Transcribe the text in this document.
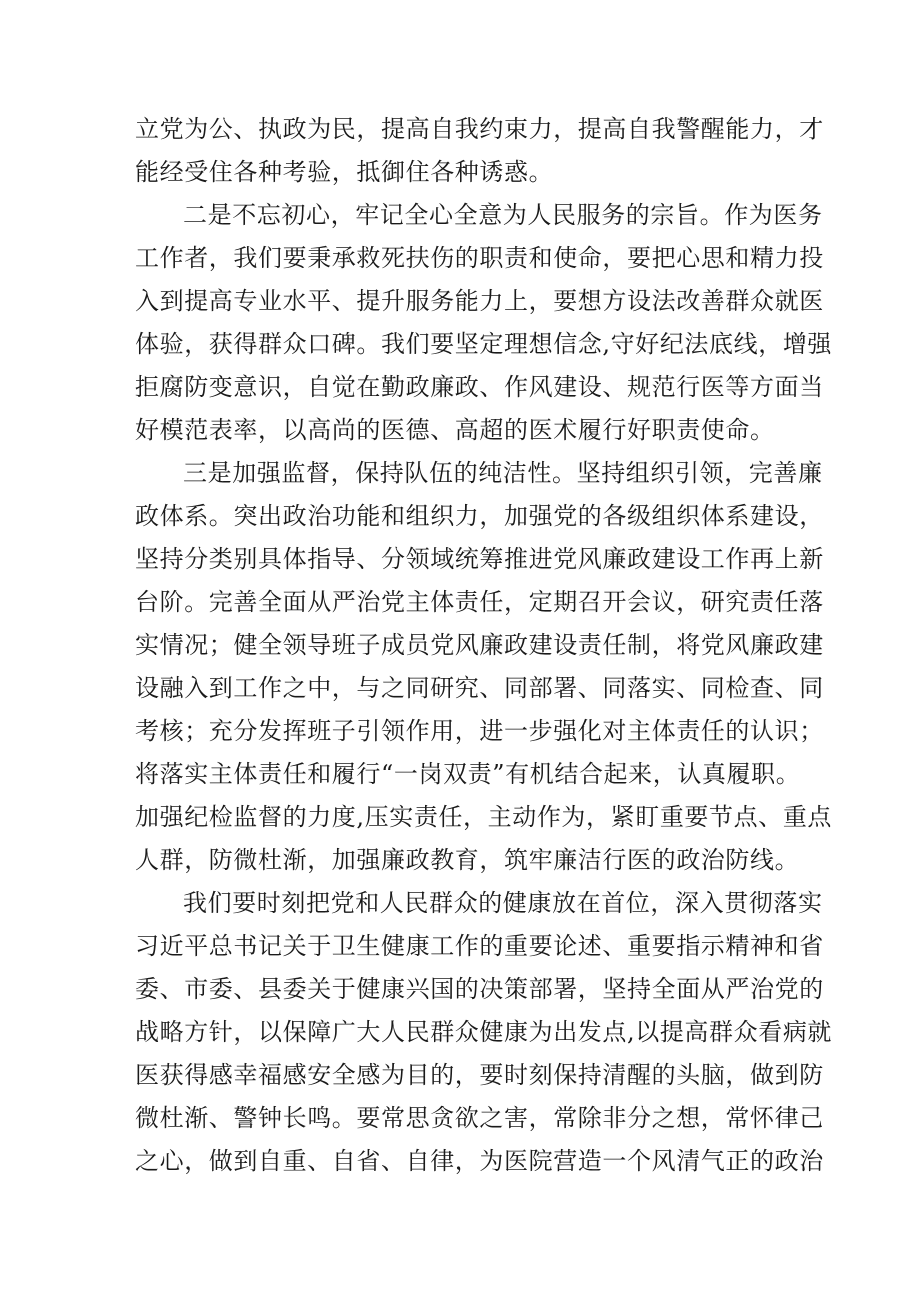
立党为公、执政为民，提高自我约束力，提高自我警醒能力，才
能经受住各种考验，抵御住各种诱惑。
二是不忘初心，牢记全心全意为人民服务的宗旨。作为医务
工作者，我们要秉承救死扶伤的职责和使命，要把心思和精力投
入到提高专业水平、提升服务能力上，要想方设法改善群众就医
体验，获得群众口碑。我们要坚定理想信念,守好纪法底线，增强
拒腐防变意识，自觉在勤政廉政、作风建设、规范行医等方面当
好模范表率，以高尚的医德、高超的医术履行好职责使命。
三是加强监督，保持队伍的纯洁性。坚持组织引领，完善廉
政体系。突出政治功能和组织力，加强党的各级组织体系建设，
坚持分类别具体指导、分领域统筹推进党风廉政建设工作再上新
台阶。完善全面从严治党主体责任，定期召开会议，研究责任落
实情况；健全领导班子成员党风廉政建设责任制，将党风廉政建
设融入到工作之中，与之同研究、同部署、同落实、同检查、同
考核；充分发挥班子引领作用，进一步强化对主体责任的认识；
将落实主体责任和履行“一岗双责”有机结合起来，认真履职。
加强纪检监督的力度,压实责任，主动作为，紧盯重要节点、重点
人群，防微杜渐，加强廉政教育，筑牢廉洁行医的政治防线。
我们要时刻把党和人民群众的健康放在首位，深入贯彻落实
习近平总书记关于卫生健康工作的重要论述、重要指示精神和省
委、市委、县委关于健康兴国的决策部署，坚持全面从严治党的
战略方针，以保障广大人民群众健康为出发点,以提高群众看病就
医获得感幸福感安全感为目的，要时刻保持清醒的头脑，做到防
微杜渐、警钟长鸣。要常思贪欲之害，常除非分之想，常怀律己
之心，做到自重、自省、自律，为医院营造一个风清气正的政治
